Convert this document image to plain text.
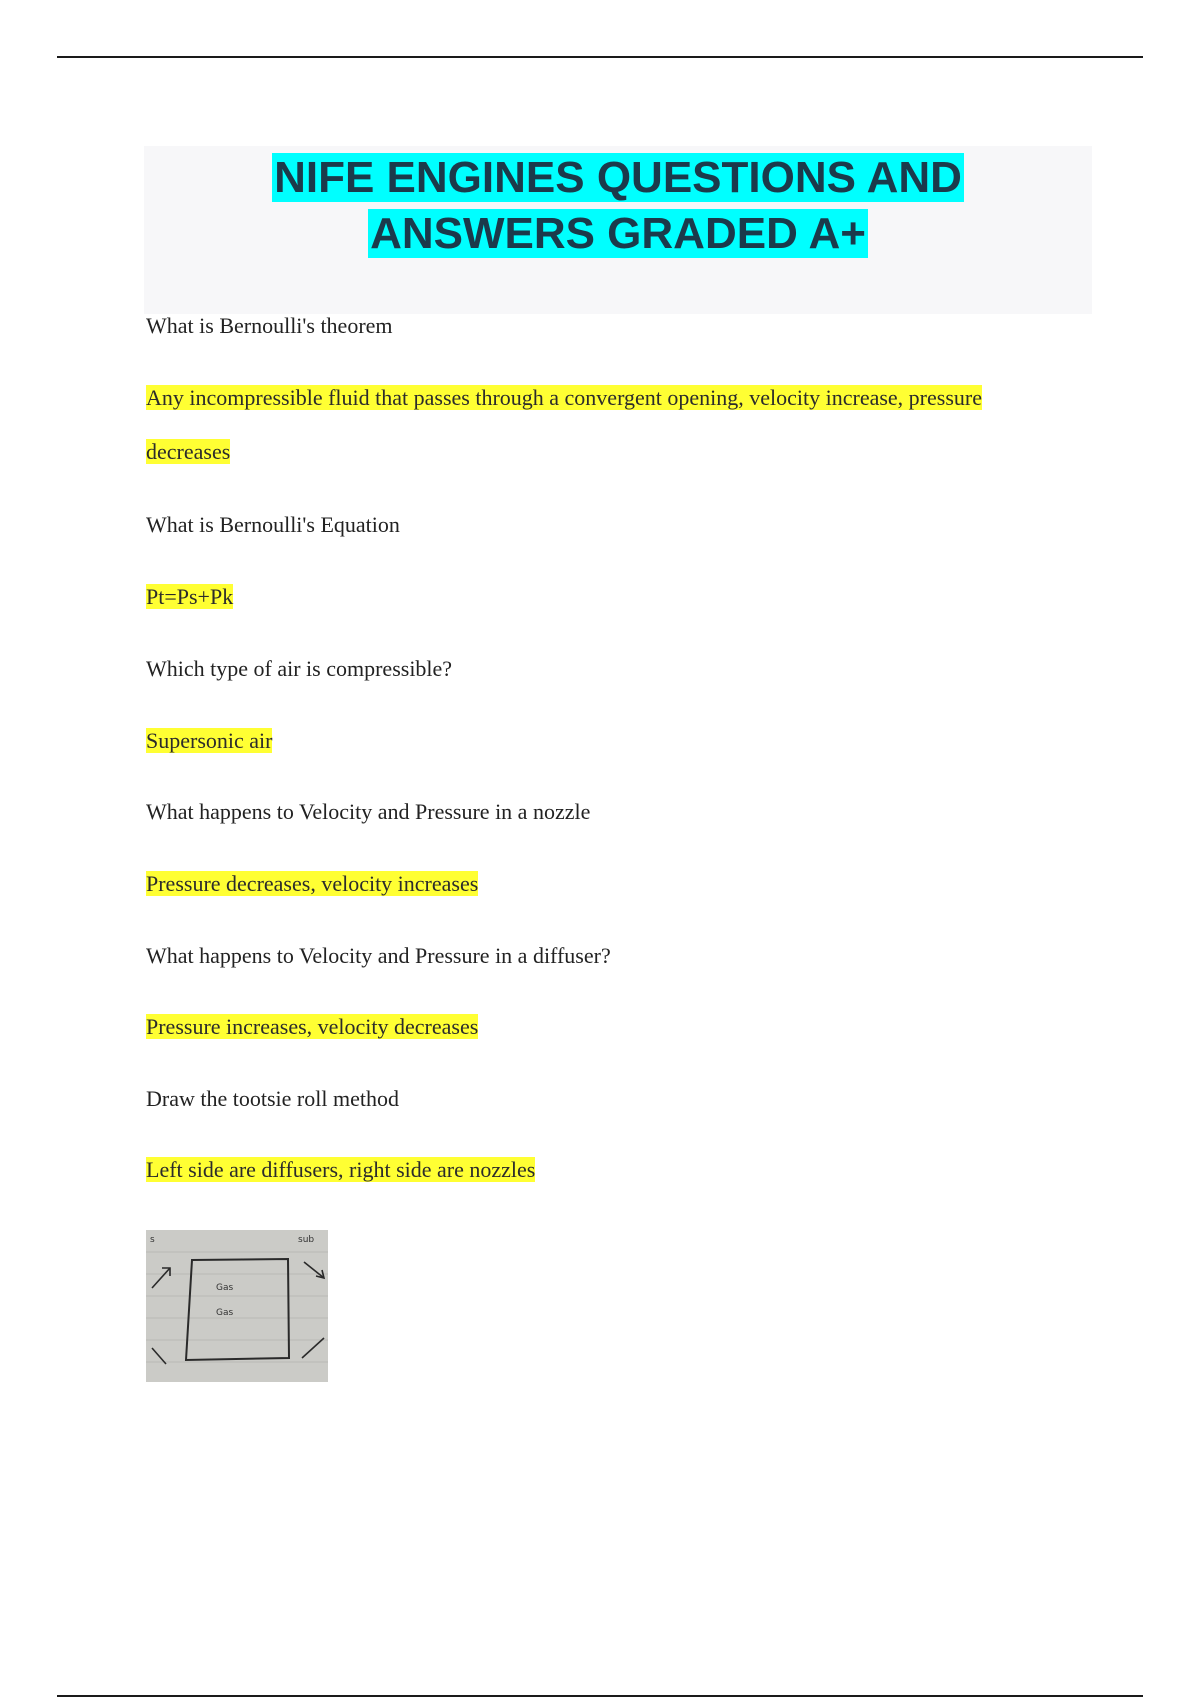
NIFE ENGINES QUESTIONS AND
ANSWERS GRADED A+

What is Bernoulli's theorem

Any incompressible fluid that passes through a convergent opening, velocity increase, pressure
decreases

What is Bernoulli's Equation

Pt=Ps+Pk

Which type of air is compressible?

Supersonic air

What happens to Velocity and Pressure in a nozzle

Pressure decreases, velocity increases

What happens to Velocity and Pressure in a diffuser?

Pressure increases, velocity decreases

Draw the tootsie roll method

Left side are diffusers, right side are nozzles

s	sub
Gas
Gas
